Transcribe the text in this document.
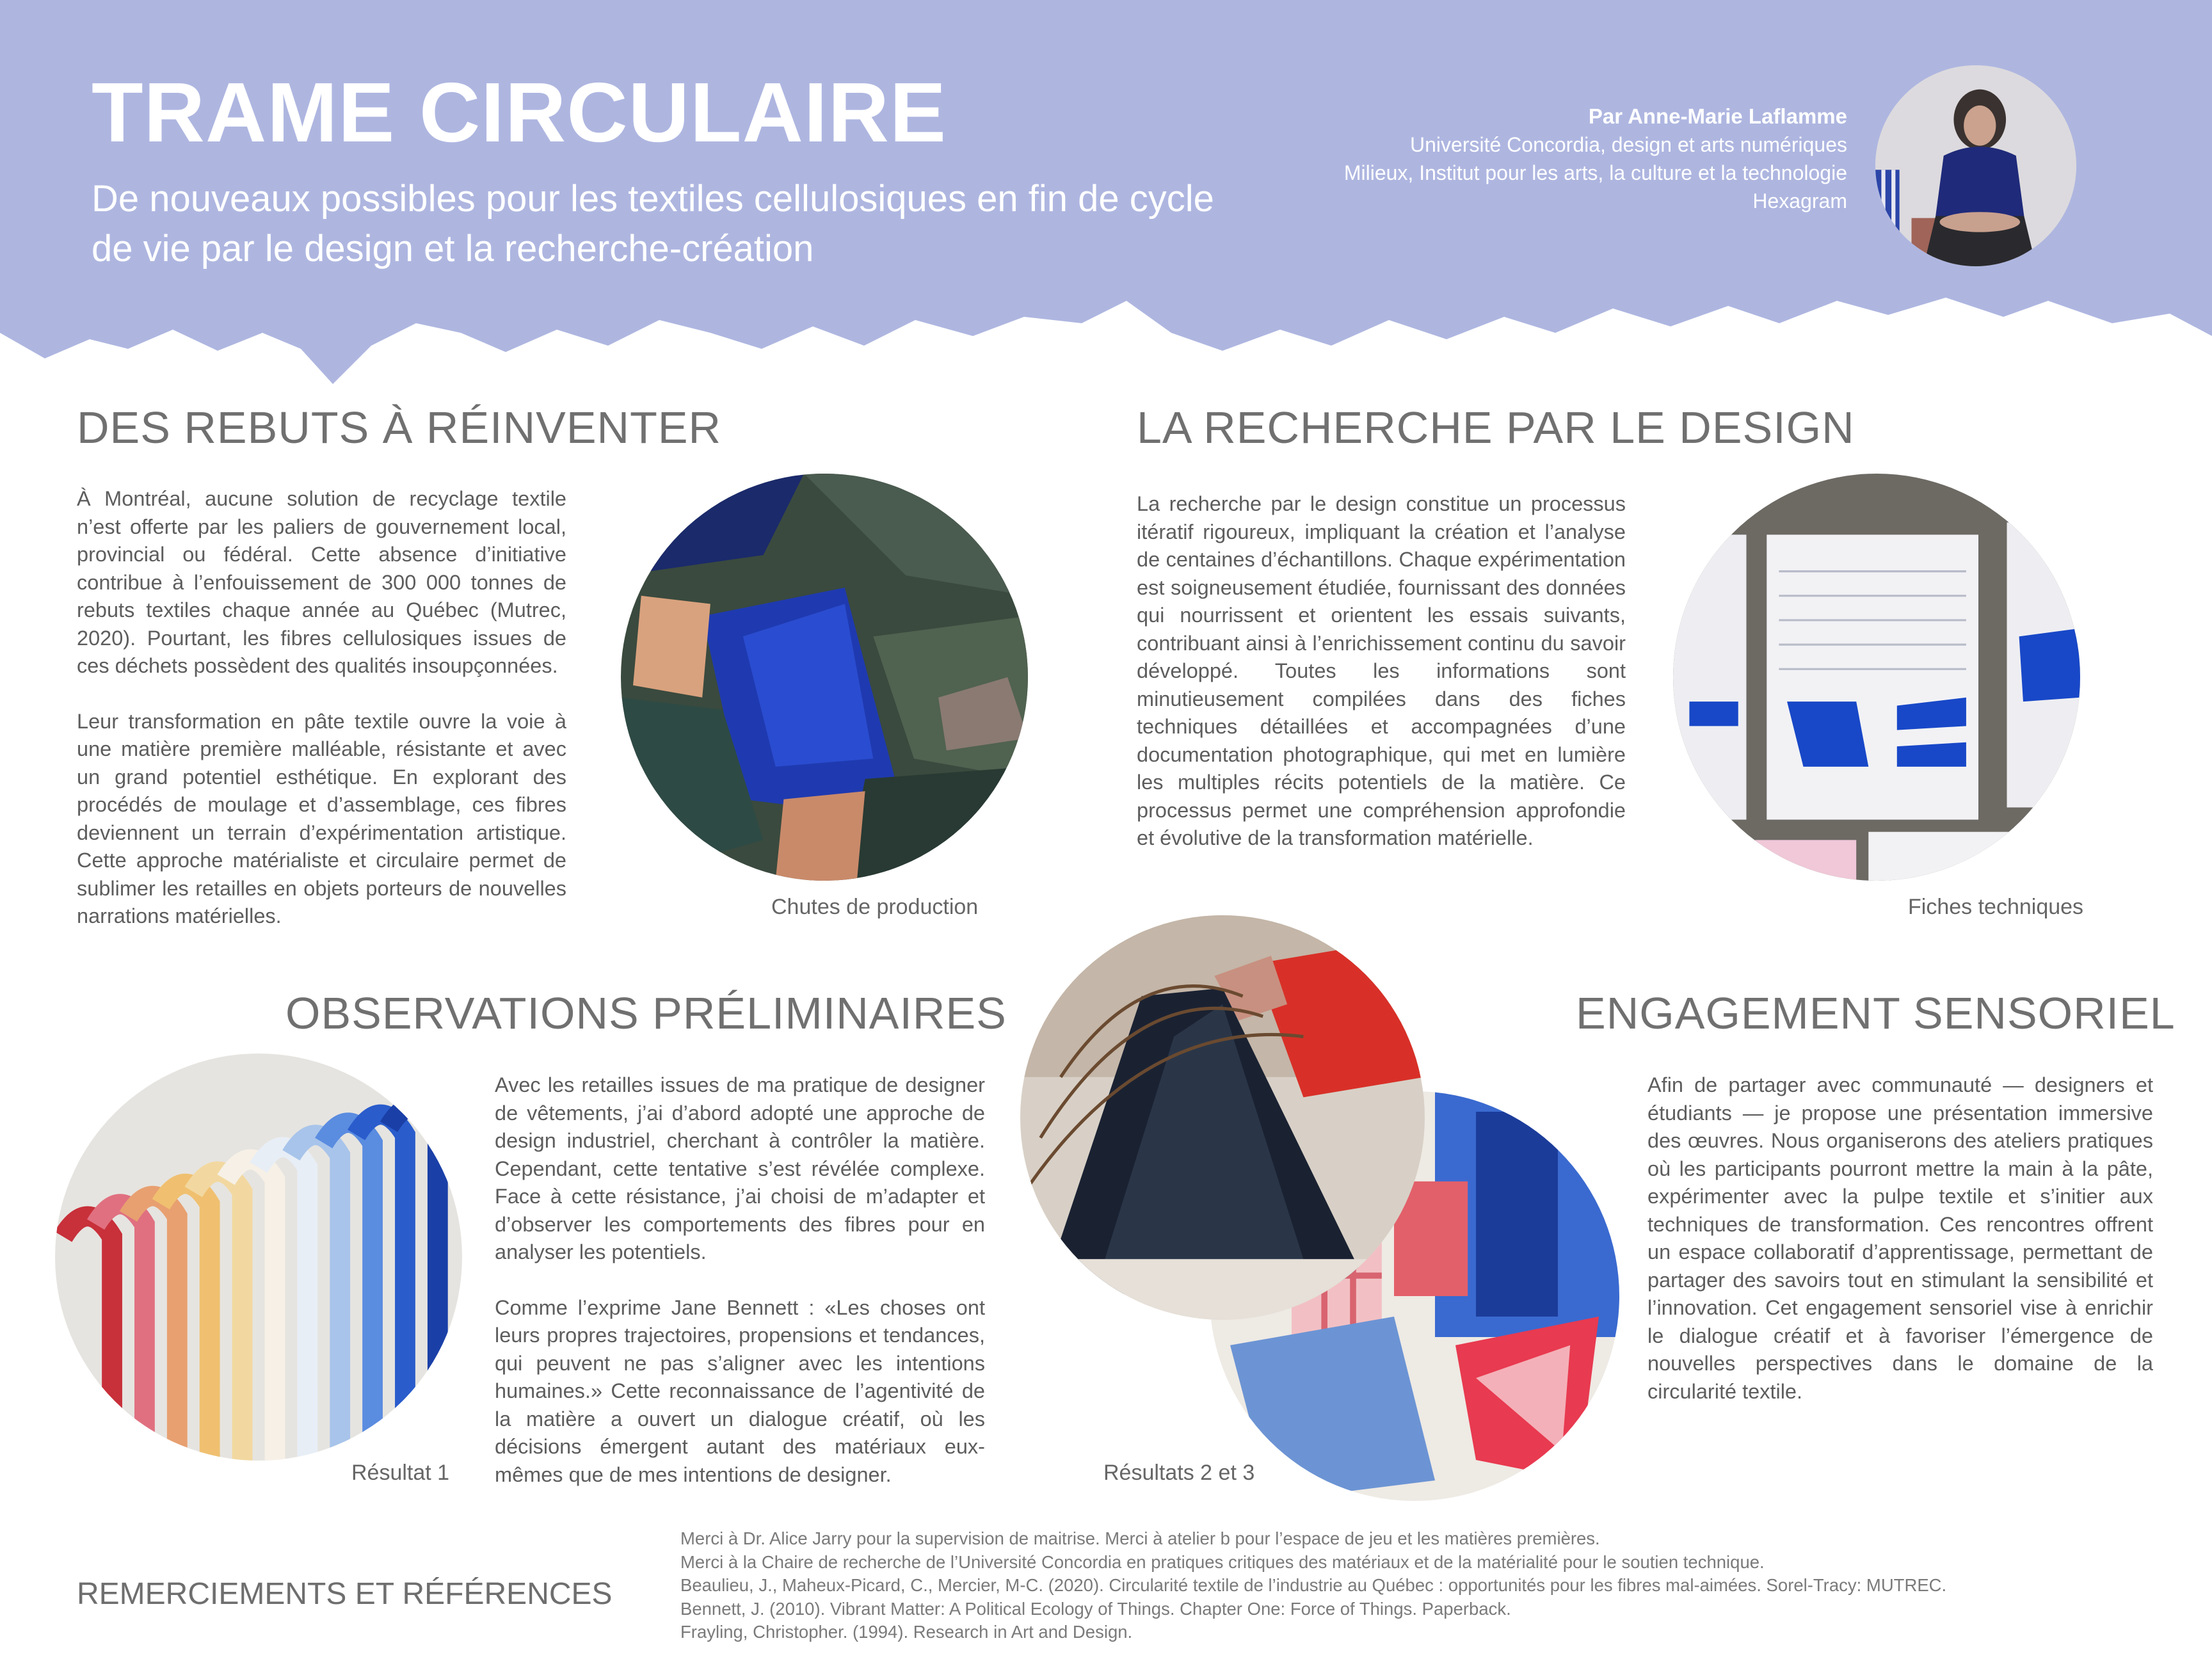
TRAME CIRCULAIRE

De nouveaux possibles pour les textiles cellulosiques en fin de cycle de vie par le design et la recherche-création

Par Anne-Marie Laflamme
Université Concordia, design et arts numériques
Milieux, Institut pour les arts, la culture et la technologie
Hexagram
DES REBUTS À RÉINVENTER

À Montréal, aucune solution de recyclage textile n’est offerte par les paliers de gouvernement local, provincial ou fédéral. Cette absence d’initiative contribue à l’enfouissement de 300 000 tonnes de rebuts textiles chaque année au Québec (Mutrec, 2020). Pourtant, les fibres cellulosiques issues de ces déchets possèdent des qualités insoupçonnées.

Leur transformation en pâte textile ouvre la voie à une matière première malléable, résistante et avec un grand potentiel esthétique. En explorant des procédés de moulage et d’assemblage, ces fibres deviennent un terrain d’expérimentation artistique. Cette approche matérialiste et circulaire permet de sublimer les retailles en objets porteurs de nouvelles narrations matérielles.	Chutes de production
LA RECHERCHE PAR LE DESIGN

La recherche par le design constitue un processus itératif rigoureux, impliquant la création et l’analyse de centaines d’échantillons. Chaque expérimentation est soigneusement étudiée, fournissant des données qui nourrissent et orientent les essais suivants, contribuant ainsi à l’enrichissement continu du savoir développé. Toutes les informations sont minutieusement compilées dans des fiches techniques détaillées et accompagnées d’une documentation photographique, qui met en lumière les multiples récits potentiels de la matière. Ce processus permet une compréhension approfondie et évolutive de la transformation matérielle.

Fiches techniques
OBSERVATIONS PRÉLIMINAIRES
Résultat 1

Avec les retailles issues de ma pratique de designer de vêtements, j’ai d’abord adopté une approche de design industriel, cherchant à contrôler la matière. Cependant, cette tentative s’est révélée complexe. Face à cette résistance, j’ai choisi de m’adapter et d’observer les comportements des fibres pour en analyser les potentiels.

Comme l’exprime Jane Bennett : «Les choses ont leurs propres trajectoires, propensions et tendances, qui peuvent ne pas s’aligner avec les intentions humaines.» Cette reconnaissance de l’agentivité de la matière a ouvert un dialogue créatif, où les décisions émergent autant des matériaux eux-mêmes que de mes intentions de designer.	Résultats 2 et 3
ENGAGEMENT SENSORIEL

Afin de partager avec communauté — designers et étudiants — je propose une présentation immersive des œuvres. Nous organiserons des ateliers pratiques où les participants pourront mettre la main à la pâte, expérimenter avec la pulpe textile et s’initier aux techniques de transformation. Ces rencontres offrent un espace collaboratif d’apprentissage, permettant de partager des savoirs tout en stimulant la sensibilité et l’innovation. Cet engagement sensoriel vise à enrichir le dialogue créatif et à favoriser l’émergence de nouvelles perspectives dans le domaine de la circularité textile.

REMERCIEMENTS ET RÉFÉRENCES
Merci à Dr. Alice Jarry pour la supervision de maitrise. Merci à atelier b pour l’espace de jeu et les matières premières.
Merci à la Chaire de recherche de l’Université Concordia en pratiques critiques des matériaux et de la matérialité pour le soutien technique.
Beaulieu, J., Maheux-Picard, C., Mercier, M-C. (2020). Circularité textile de l’industrie au Québec : opportunités pour les fibres mal-aimées. Sorel-Tracy: MUTREC.
Bennett, J. (2010). Vibrant Matter: A Political Ecology of Things. Chapter One: Force of Things. Paperback.
Frayling, Christopher. (1994). Research in Art and Design.
